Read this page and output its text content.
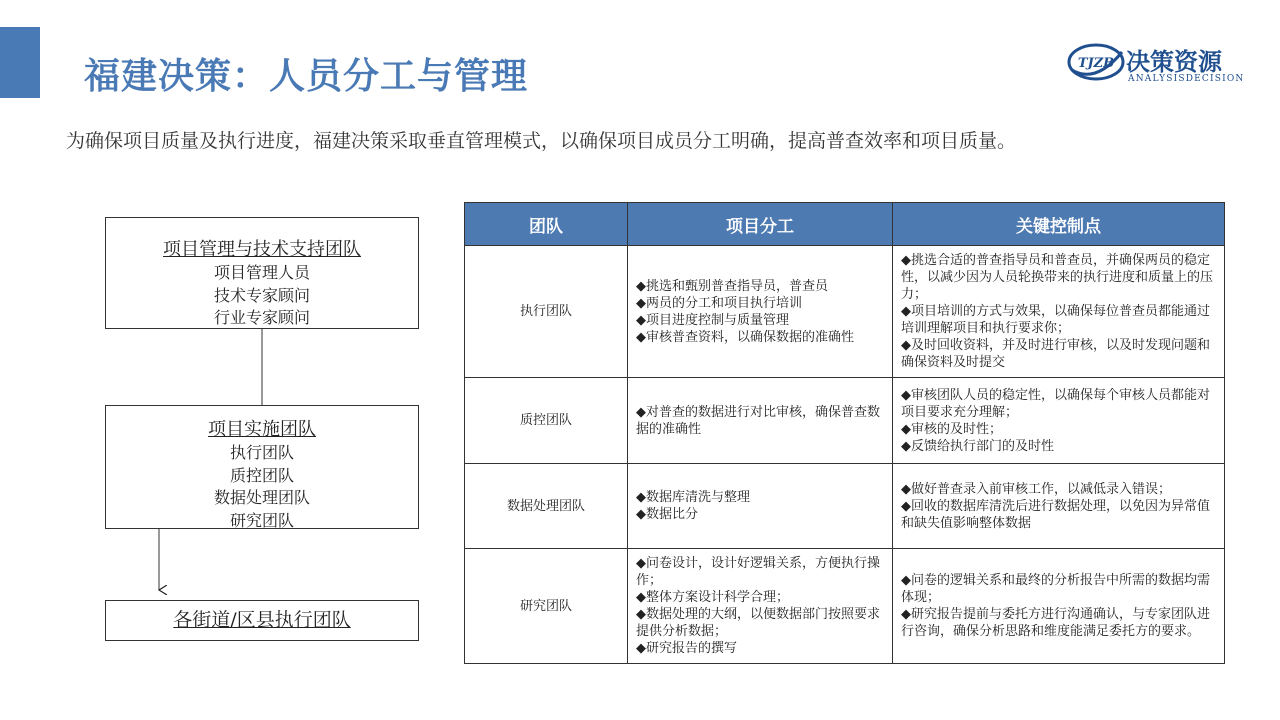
福建决策：人员分工与管理	TJZB 决策资源
ANALYSISDECISION
为确保项目质量及执行进度，福建决策采取垂直管理模式，以确保项目成员分工明确，提高普查效率和项目质量。
项目管理与技术支持团队
项目管理人员
技术专家顾问
行业专家顾问
项目实施团队
执行团队
质控团队
数据处理团队
研究团队
各街道/区县执行团队
团队	项目分工	关键控制点
执行团队	◆挑选和甄别普查指导员，普查员
◆两员的分工和项目执行培训
◆项目进度控制与质量管理
◆审核普查资料，以确保数据的准确性	◆挑选合适的普查指导员和普查员，并确保两员的稳定性，以减少因为人员轮换带来的执行进度和质量上的压力；
◆项目培训的方式与效果，以确保每位普查员都能通过培训理解项目和执行要求你；
◆及时回收资料，并及时进行审核，以及时发现问题和确保资料及时提交

质控团队	◆对普查的数据进行对比审核，确保普查数据的准确性	◆审核团队人员的稳定性，以确保每个审核人员都能对项目要求充分理解；
◆审核的及时性；
◆反馈给执行部门的及时性

数据处理团队	◆数据库清洗与整理
◆数据比分	◆做好普查录入前审核工作，以减低录入错误；
◆回收的数据库清洗后进行数据处理，以免因为异常值和缺失值影响整体数据

研究团队	◆问卷设计，设计好逻辑关系，方便执行操作；
◆整体方案设计科学合理；
◆数据处理的大纲，以便数据部门按照要求提供分析数据；
◆研究报告的撰写	◆问卷的逻辑关系和最终的分析报告中所需的数据均需体现；
◆研究报告提前与委托方进行沟通确认，与专家团队进行咨询，确保分析思路和维度能满足委托方的要求。
